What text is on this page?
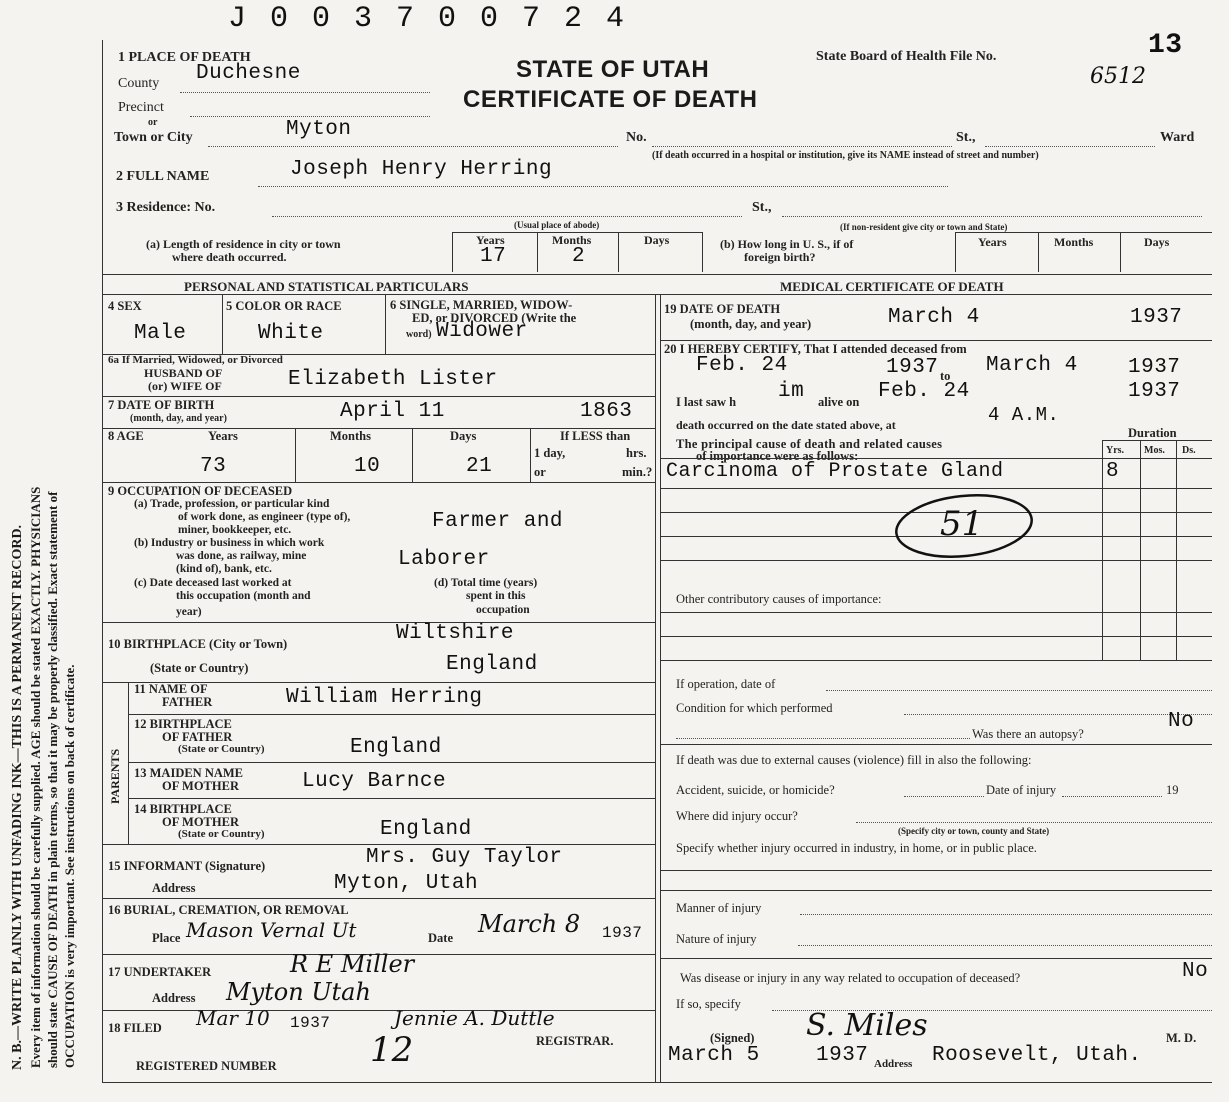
N. B.—WRITE PLAINLY WITH UNFADING INK—THIS IS A PERMANENT RECORD. Every item of information should be carefully supplied. AGE should be stated EXACTLY. PHYSICIANS should state CAUSE OF DEATH in plain terms, so that it may be properly classified. Exact statement of OCCUPATION is very important. See instructions on back of certificate.
J 0 0 3 7 0 0 7 2 4
STATE OF UTAH
CERTIFICATE OF DEATH
State Board of Health File No.	13
6512
1 PLACE OF DEATH
County Duchesne
Precinct
or
Town or City	Myton	No.	St.,	Ward
(If death occurred in a hospital or institution, give its NAME instead of street and number)
2 FULL NAME	Joseph Henry Herring
3 Residence: No.	St.,
(Usual place of abode)	(If non-resident give city or town and State)
(a) Length of residence in city or town
where death occurred.
Years	Months	Days
17	2
(b) How long in U. S., if of
foreign birth?
Years	Months	Days
PERSONAL AND STATISTICAL PARTICULARS	MEDICAL CERTIFICATE OF DEATH
4 SEX
Male
5 COLOR OR RACE
White
6 SINGLE, MARRIED, WIDOW-
ED, or DIVORCED (Write the
word) Widower
6a If Married, Widowed, or Divorced
HUSBAND OF
(or) WIFE OF	Elizabeth Lister
7 DATE OF BIRTH
(month, day, and year)	April 11	1863
8 AGE	Years	Months	Days
73	10	21
If LESS than
1 day,	hrs.
or	min.?
9 OCCUPATION OF DECEASED
(a) Trade, profession, or particular kind
of work done, as engineer (type of),
miner, bookkeeper, etc.	Farmer and
(b) Industry or business in which work
was done, as railway, mine
(kind of), bank, etc.	Laborer
(c) Date deceased last worked at
this occupation (month and
year)
(d) Total time (years)
spent in this
occupation
10 BIRTHPLACE (City or Town)	Wiltshire
(State or Country)	England
PARENTS
11 NAME OF
FATHER	William Herring
12 BIRTHPLACE
OF FATHER
(State or Country)	England
13 MAIDEN NAME
OF MOTHER	Lucy Barnce
14 BIRTHPLACE
OF MOTHER
(State or Country)	England
15 INFORMANT (Signature)	Mrs. Guy Taylor
Address	Myton, Utah
16 BURIAL, CREMATION, OR REMOVAL
Place Mason Vernal Ut	Date March 8 1937
17 UNDERTAKER	R E Miller
Address Myton Utah
18 FILED Mar 10 1937	Jennie A. Duttle
REGISTRAR.
REGISTERED NUMBER	12
19 DATE OF DEATH
(month, day, and year)	March 4	1937
20 I HEREBY CERTIFY, That I attended deceased from
Feb. 24	1937 to March 4 1937
I last saw h im alive on Feb. 24	1937
death occurred on the date stated above, at	4 A.M.
The principal cause of death and related causes
of importance were as follows:
Duration
Yrs. Mos. Ds.
Carcinoma of Prostate Gland	8
51
Other contributory causes of importance:
If operation, date of
Condition for which performed
Was there an autopsy?
No
If death was due to external causes (violence) fill in also the following:
Accident, suicide, or homicide?	Date of injury	19
Where did injury occur?
(Specify city or town, county and State)
Specify whether injury occurred in industry, in home, or in public place.
Manner of injury
Nature of injury
Was disease or injury in any way related to occupation of deceased?	No
If so, specify
(Signed) S. Miles	M. D.
March 5	1937 Address Roosevelt, Utah.
